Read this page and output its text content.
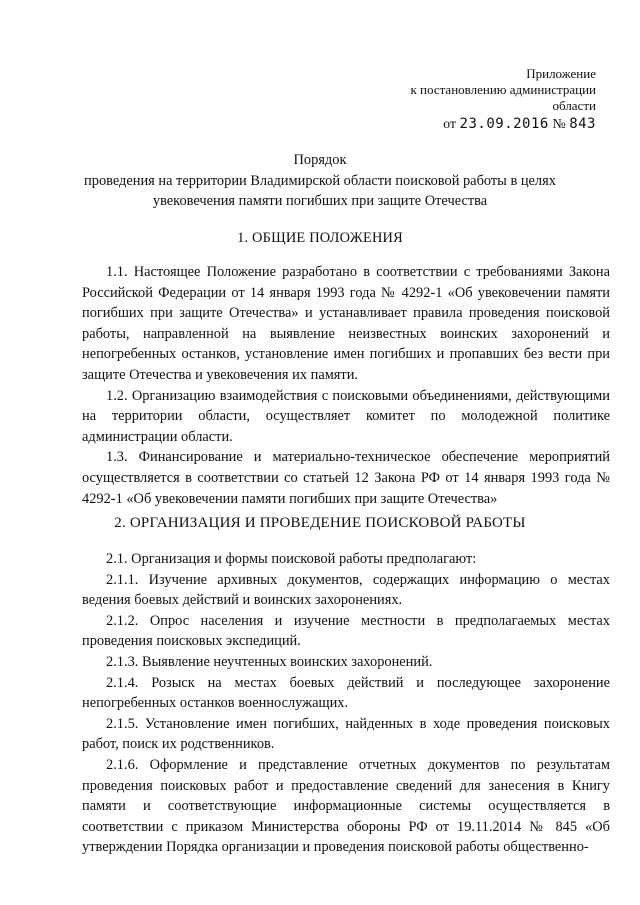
Приложение
к постановлению администрации
области
от 23.09.2016 № 843
Порядок
проведения на территории Владимирской области поисковой работы в целях
увековечения памяти погибших при защите Отечества
1. ОБЩИЕ ПОЛОЖЕНИЯ

1.1. Настоящее Положение разработано в соответствии с требованиями Закона Российской Федерации от 14 января 1993 года № 4292-1 «Об увековечении памяти погибших при защите Отечества» и устанавливает правила проведения поисковой работы, направленной на выявление неизвестных воинских захоронений и непогребенных останков, установление имен погибших и пропавших без вести при защите Отечества и увековечения их памяти.

1.2. Организацию взаимодействия с поисковыми объединениями, действующими на территории области, осуществляет комитет по молодежной политике администрации области.

1.3. Финансирование и материально-техническое обеспечение мероприятий осуществляется в соответствии со статьей 12 Закона РФ от 14 января 1993 года № 4292-1 «Об увековечении памяти погибших при защите Отечества»

2. ОРГАНИЗАЦИЯ И ПРОВЕДЕНИЕ ПОИСКОВОЙ РАБОТЫ

2.1. Организация и формы поисковой работы предполагают:

2.1.1. Изучение архивных документов, содержащих информацию о местах ведения боевых действий и воинских захоронениях.

2.1.2. Опрос населения и изучение местности в предполагаемых местах проведения поисковых экспедиций.

2.1.3. Выявление неучтенных воинских захоронений.

2.1.4. Розыск на местах боевых действий и последующее захоронение непогребенных останков военнослужащих.

2.1.5. Установление имен погибших, найденных в ходе проведения поисковых работ, поиск их родственников.

2.1.6. Оформление и представление отчетных документов по результатам проведения поисковых работ и предоставление сведений для занесения в Книгу памяти и соответствующие информационные системы осуществляется в соответствии с приказом Министерства обороны РФ от 19.11.2014 № 845 «Об утверждении Порядка организации и проведения поисковой работы общественно-
